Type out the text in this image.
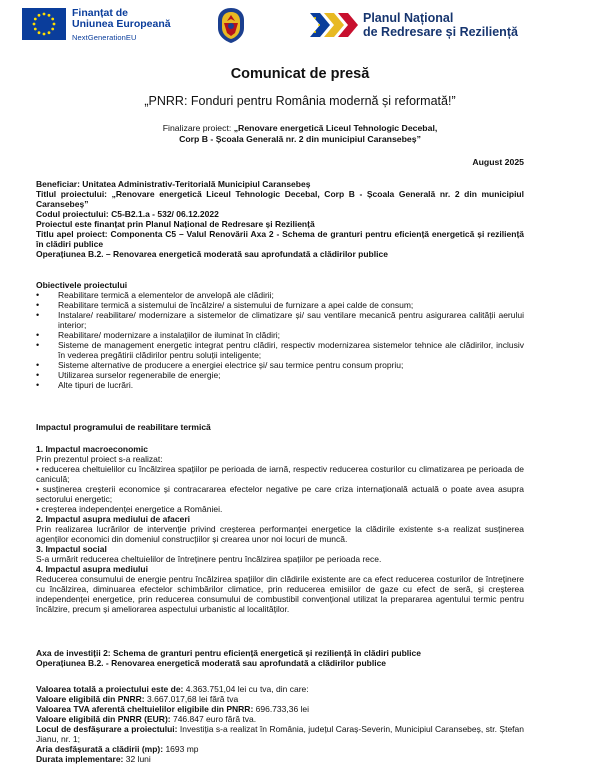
Finanțat de
Uniunea Europeană
NextGenerationEU
Planul Național
de Redresare și Reziliență
Comunicat de presă
„PNRR: Fonduri pentru România modernă și reformată!”
Finalizare proiect: „Renovare energetică Liceul Tehnologic Decebal,
Corp B - Școala Generală nr. 2 din municipiul Caransebeș”
August 2025

Beneficiar: Unitatea Administrativ-Teritorială Municipiul Caransebeș

Titlul proiectului: „Renovare energetică Liceul Tehnologic Decebal, Corp B - Școala Generală nr. 2 din municipiul Caransebeș”

Codul proiectului: C5-B2.1.a - 532/ 06.12.2022

Proiectul este finanțat prin Planul Național de Redresare și Reziliență

Titlu apel proiect: Componenta C5 – Valul Renovării Axa 2 - Schema de granturi pentru eficiență energetică și reziliență în clădiri publice

Operațiunea B.2. – Renovarea energetică moderată sau aprofundată a clădirilor publice

Obiectivele proiectului

• Reabilitare termică a elementelor de anvelopă ale clădirii;
• Reabilitare termică a sistemului de încălzire/ a sistemului de furnizare a apei calde de consum;
• Instalare/ reabilitare/ modernizare a sistemelor de climatizare și/ sau ventilare mecanică pentru asigurarea calității aerului interior;
• Reabilitare/ modernizare a instalațiilor de iluminat în clădiri;
• Sisteme de management energetic integrat pentru clădiri, respectiv modernizarea sistemelor tehnice ale clădirilor, inclusiv în vederea pregătirii clădirilor pentru soluții inteligente;
• Sisteme alternative de producere a energiei electrice și/ sau termice pentru consum propriu;
• Utilizarea surselor regenerabile de energie;
• Alte tipuri de lucrări.
Impactul programului de reabilitare termică

1. Impactul macroeconomic

Prin prezentul proiect s-a realizat:

• reducerea cheltuielilor cu încălzirea spațiilor pe perioada de iarnă, respectiv reducerea costurilor cu climatizarea pe perioada de caniculă;

• susținerea creșterii economice și contracararea efectelor negative pe care criza internațională actuală o poate avea asupra sectorului energetic;

• creșterea independenței energetice a României.

2. Impactul asupra mediului de afaceri

Prin realizarea lucrărilor de intervenție privind creșterea performanței energetice la clădirile existente s-a realizat susținerea agenților economici din domeniul construcțiilor și crearea unor noi locuri de muncă.

3. Impactul social

S-a urmărit reducerea cheltuielilor de întreținere pentru încălzirea spațiilor pe perioada rece.

4. Impactul asupra mediului

Reducerea consumului de energie pentru încălzirea spațiilor din clădirile existente are ca efect reducerea costurilor de întreținere cu încălzirea, diminuarea efectelor schimbărilor climatice, prin reducerea emisiilor de gaze cu efect de seră, și creșterea independenței energetice, prin reducerea consumului de combustibil convențional utilizat la prepararea agentului termic pentru încălzire, precum și ameliorarea aspectului urbanistic al localităților.

Axa de investiții 2: Schema de granturi pentru eficiență energetică și reziliență în clădiri publice

Operațiunea B.2. - Renovarea energetică moderată sau aprofundată a clădirilor publice

Valoarea totală a proiectului este de: 4.363.751,04 lei cu tva, din care:

Valoare eligibilă din PNRR: 3.667.017,68 lei fără tva

Valoarea TVA aferentă cheltuielilor eligibile din PNRR: 696.733,36 lei

Valoare eligibilă din PNRR (EUR): 746.847 euro fără tva.

Locul de desfășurare a proiectului: Investiția s-a realizat în România, județul Caraș-Severin, Municipiul Caransebeș, str. Ștefan Jianu, nr. 1;

Aria desfășurată a clădirii (mp): 1693 mp

Durata implementare: 32 luni
